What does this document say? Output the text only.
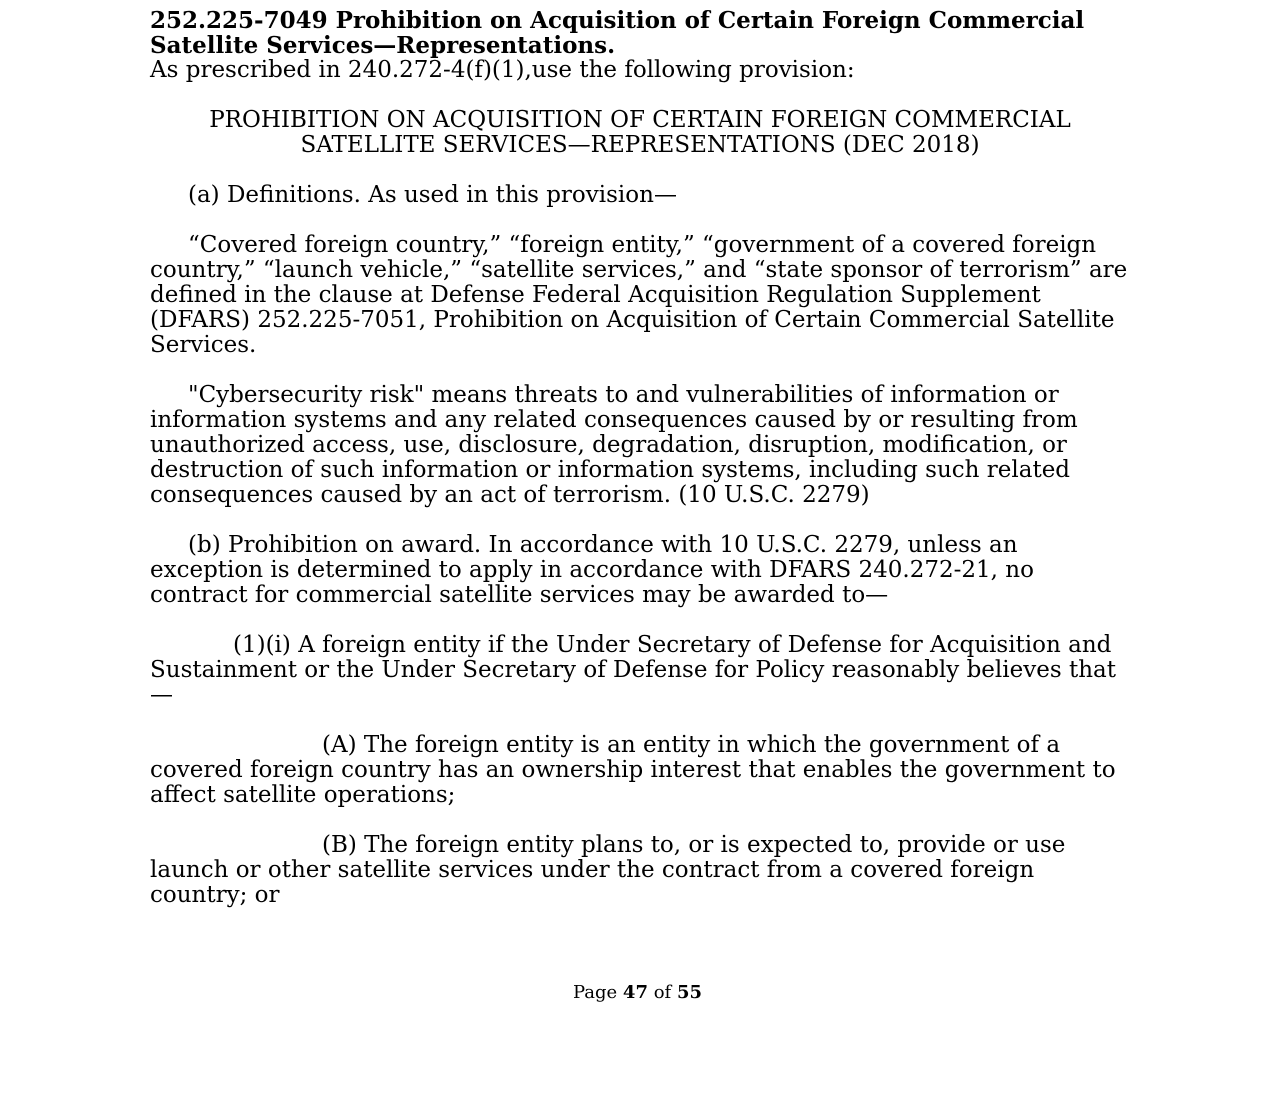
252.225-7049 Prohibition on Acquisition of Certain Foreign Commercial Satellite Services—Representations.
As prescribed in 240.272-4(f)(1),use the following provision:
PROHIBITION ON ACQUISITION OF CERTAIN FOREIGN COMMERCIAL SATELLITE SERVICES—REPRESENTATIONS (DEC 2018)

(a) Definitions. As used in this provision—

“Covered foreign country,” “foreign entity,” “government of a covered foreign country,” “launch vehicle,” “satellite services,” and “state sponsor of terrorism” are defined in the clause at Defense Federal Acquisition Regulation Supplement (DFARS) 252.225-7051, Prohibition on Acquisition of Certain Commercial Satellite Services.

"Cybersecurity risk" means threats to and vulnerabilities of information or information systems and any related consequences caused by or resulting from unauthorized access, use, disclosure, degradation, disruption, modification, or destruction of such information or information systems, including such related consequences caused by an act of terrorism. (10 U.S.C. 2279)

(b) Prohibition on award. In accordance with 10 U.S.C. 2279, unless an exception is determined to apply in accordance with DFARS 240.272-21, no contract for commercial satellite services may be awarded to—

(1)(i) A foreign entity if the Under Secretary of Defense for Acquisition and Sustainment or the Under Secretary of Defense for Policy reasonably believes that—

(A) The foreign entity is an entity in which the government of a covered foreign country has an ownership interest that enables the government to affect satellite operations;

(B) The foreign entity plans to, or is expected to, provide or use launch or other satellite services under the contract from a covered foreign country; or

Page 47 of 55
